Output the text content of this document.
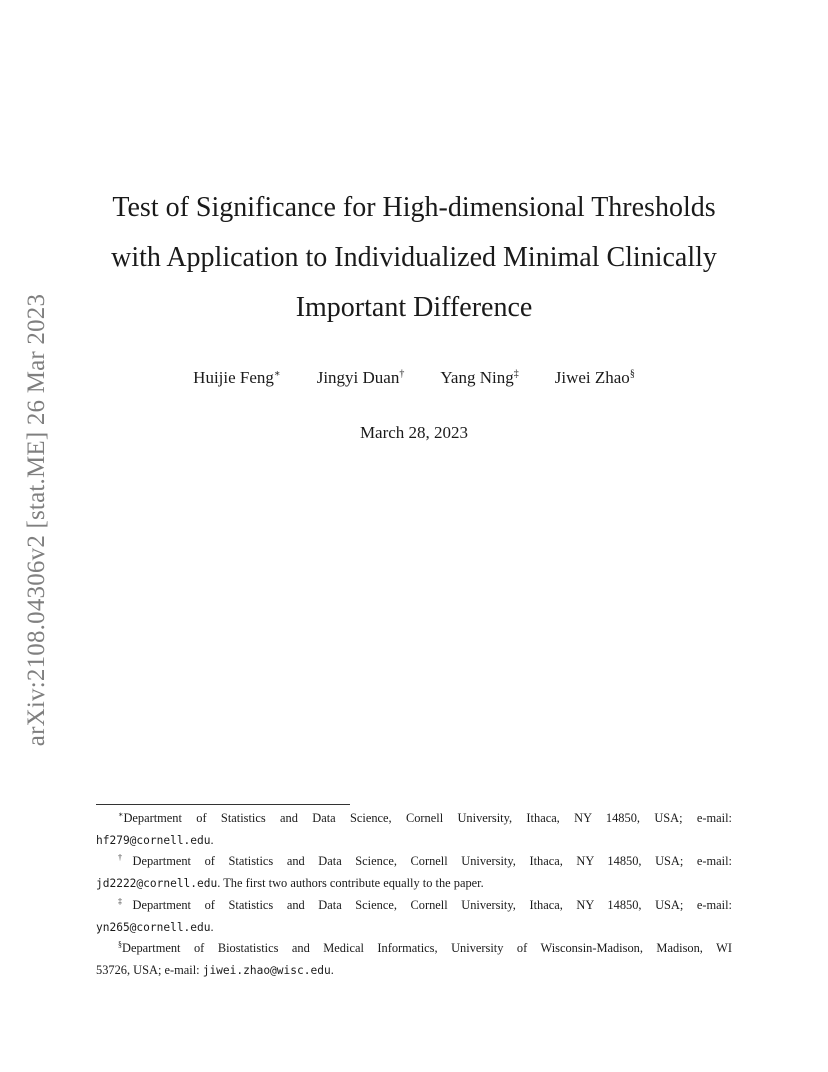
arXiv:2108.04306v2 [stat.ME] 26 Mar 2023
Test of Significance for High-dimensional Thresholds
with Application to Individualized Minimal Clinically
Important Difference
Huijie Feng∗ Jingyi Duan† Yang Ning‡ Jiwei Zhao§
March 28, 2023
∗Department of Statistics and Data Science, Cornell University, Ithaca, NY 14850, USA; e-mail:
hf279@cornell.edu.
†Department of Statistics and Data Science, Cornell University, Ithaca, NY 14850, USA; e-mail:
jd2222@cornell.edu. The first two authors contribute equally to the paper.
‡Department of Statistics and Data Science, Cornell University, Ithaca, NY 14850, USA; e-mail:
yn265@cornell.edu.
§Department of Biostatistics and Medical Informatics, University of Wisconsin-Madison, Madison, WI
53726, USA; e-mail: jiwei.zhao@wisc.edu.
